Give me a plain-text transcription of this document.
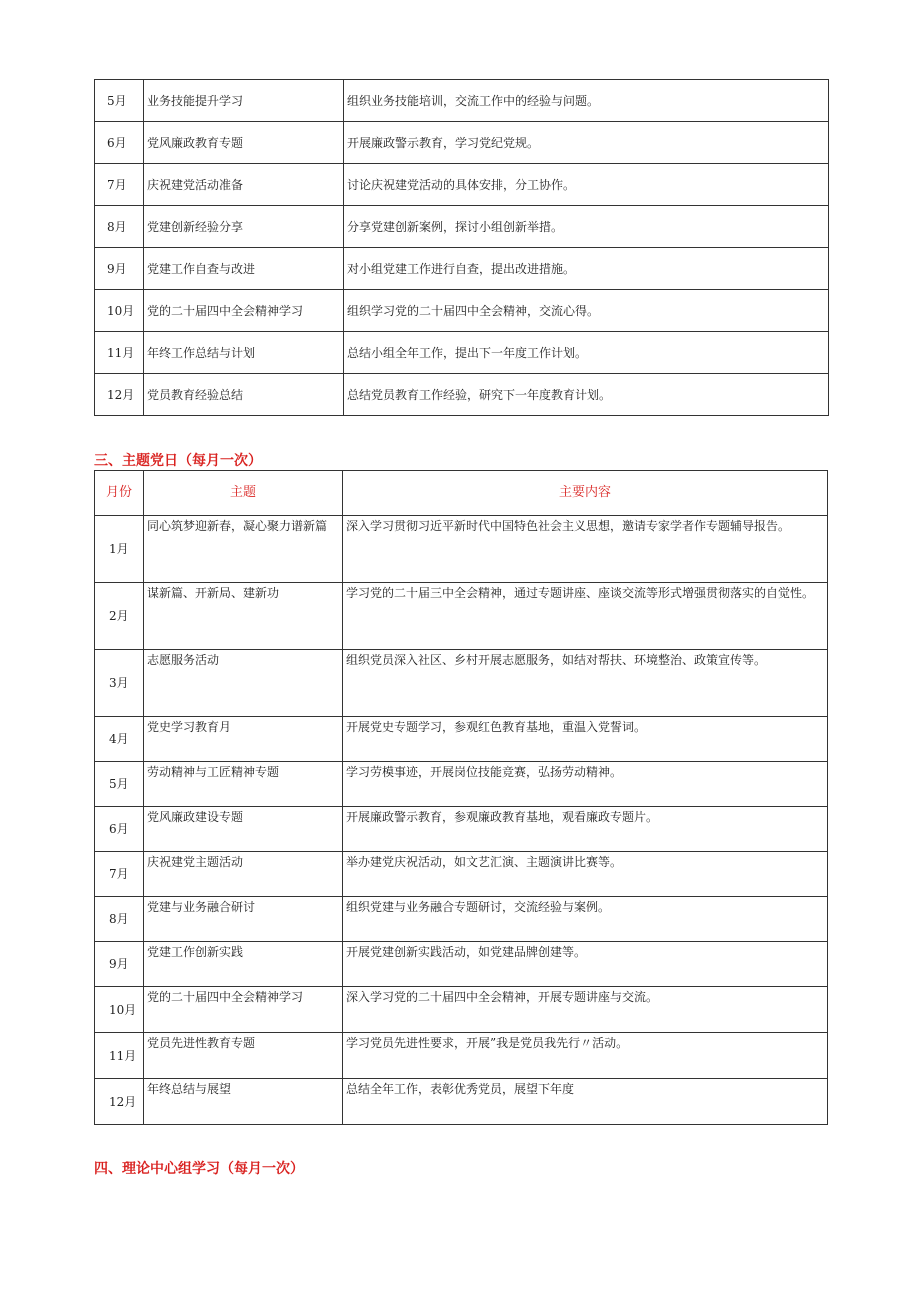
5月	业务技能提升学习	组织业务技能培训，交流工作中的经验与问题。
6月	党风廉政教育专题	开展廉政警示教育，学习党纪党规。
7月	庆祝建党活动准备	讨论庆祝建党活动的具体安排，分工协作。
8月	党建创新经验分享	分享党建创新案例，探讨小组创新举措。
9月	党建工作自查与改进	对小组党建工作进行自查，提出改进措施。
10月	党的二十届四中全会精神学习	组织学习党的二十届四中全会精神，交流心得。
11月	年终工作总结与计划	总结小组全年工作，提出下一年度工作计划。
12月	党员教育经验总结	总结党员教育工作经验，研究下一年度教育计划。
三、主题党日（每月一次）
月份	主题	主要内容
1月	同心筑梦迎新春，凝心聚力谱新篇	深入学习贯彻习近平新时代中国特色社会主义思想，邀请专家学者作专题辅导报告。
2月	谋新篇、开新局、建新功	学习党的二十届三中全会精神，通过专题讲座、座谈交流等形式增强贯彻落实的自觉性。
3月	志愿服务活动	组织党员深入社区、乡村开展志愿服务，如结对帮扶、环境整治、政策宣传等。
4月	党史学习教育月	开展党史专题学习，参观红色教育基地，重温入党誓词。
5月	劳动精神与工匠精神专题	学习劳模事迹，开展岗位技能竞赛，弘扬劳动精神。
6月	党风廉政建设专题	开展廉政警示教育，参观廉政教育基地，观看廉政专题片。
7月	庆祝建党主题活动	举办建党庆祝活动，如文艺汇演、主题演讲比赛等。
8月	党建与业务融合研讨	组织党建与业务融合专题研讨，交流经验与案例。
9月	党建工作创新实践	开展党建创新实践活动，如党建品牌创建等。
10月	党的二十届四中全会精神学习	深入学习党的二十届四中全会精神，开展专题讲座与交流。
11月	党员先进性教育专题	学习党员先进性要求，开展”我是党员我先行〃活动。
12月	年终总结与展望	总结全年工作，表彰优秀党员，展望下年度
四、理论中心组学习（每月一次）
